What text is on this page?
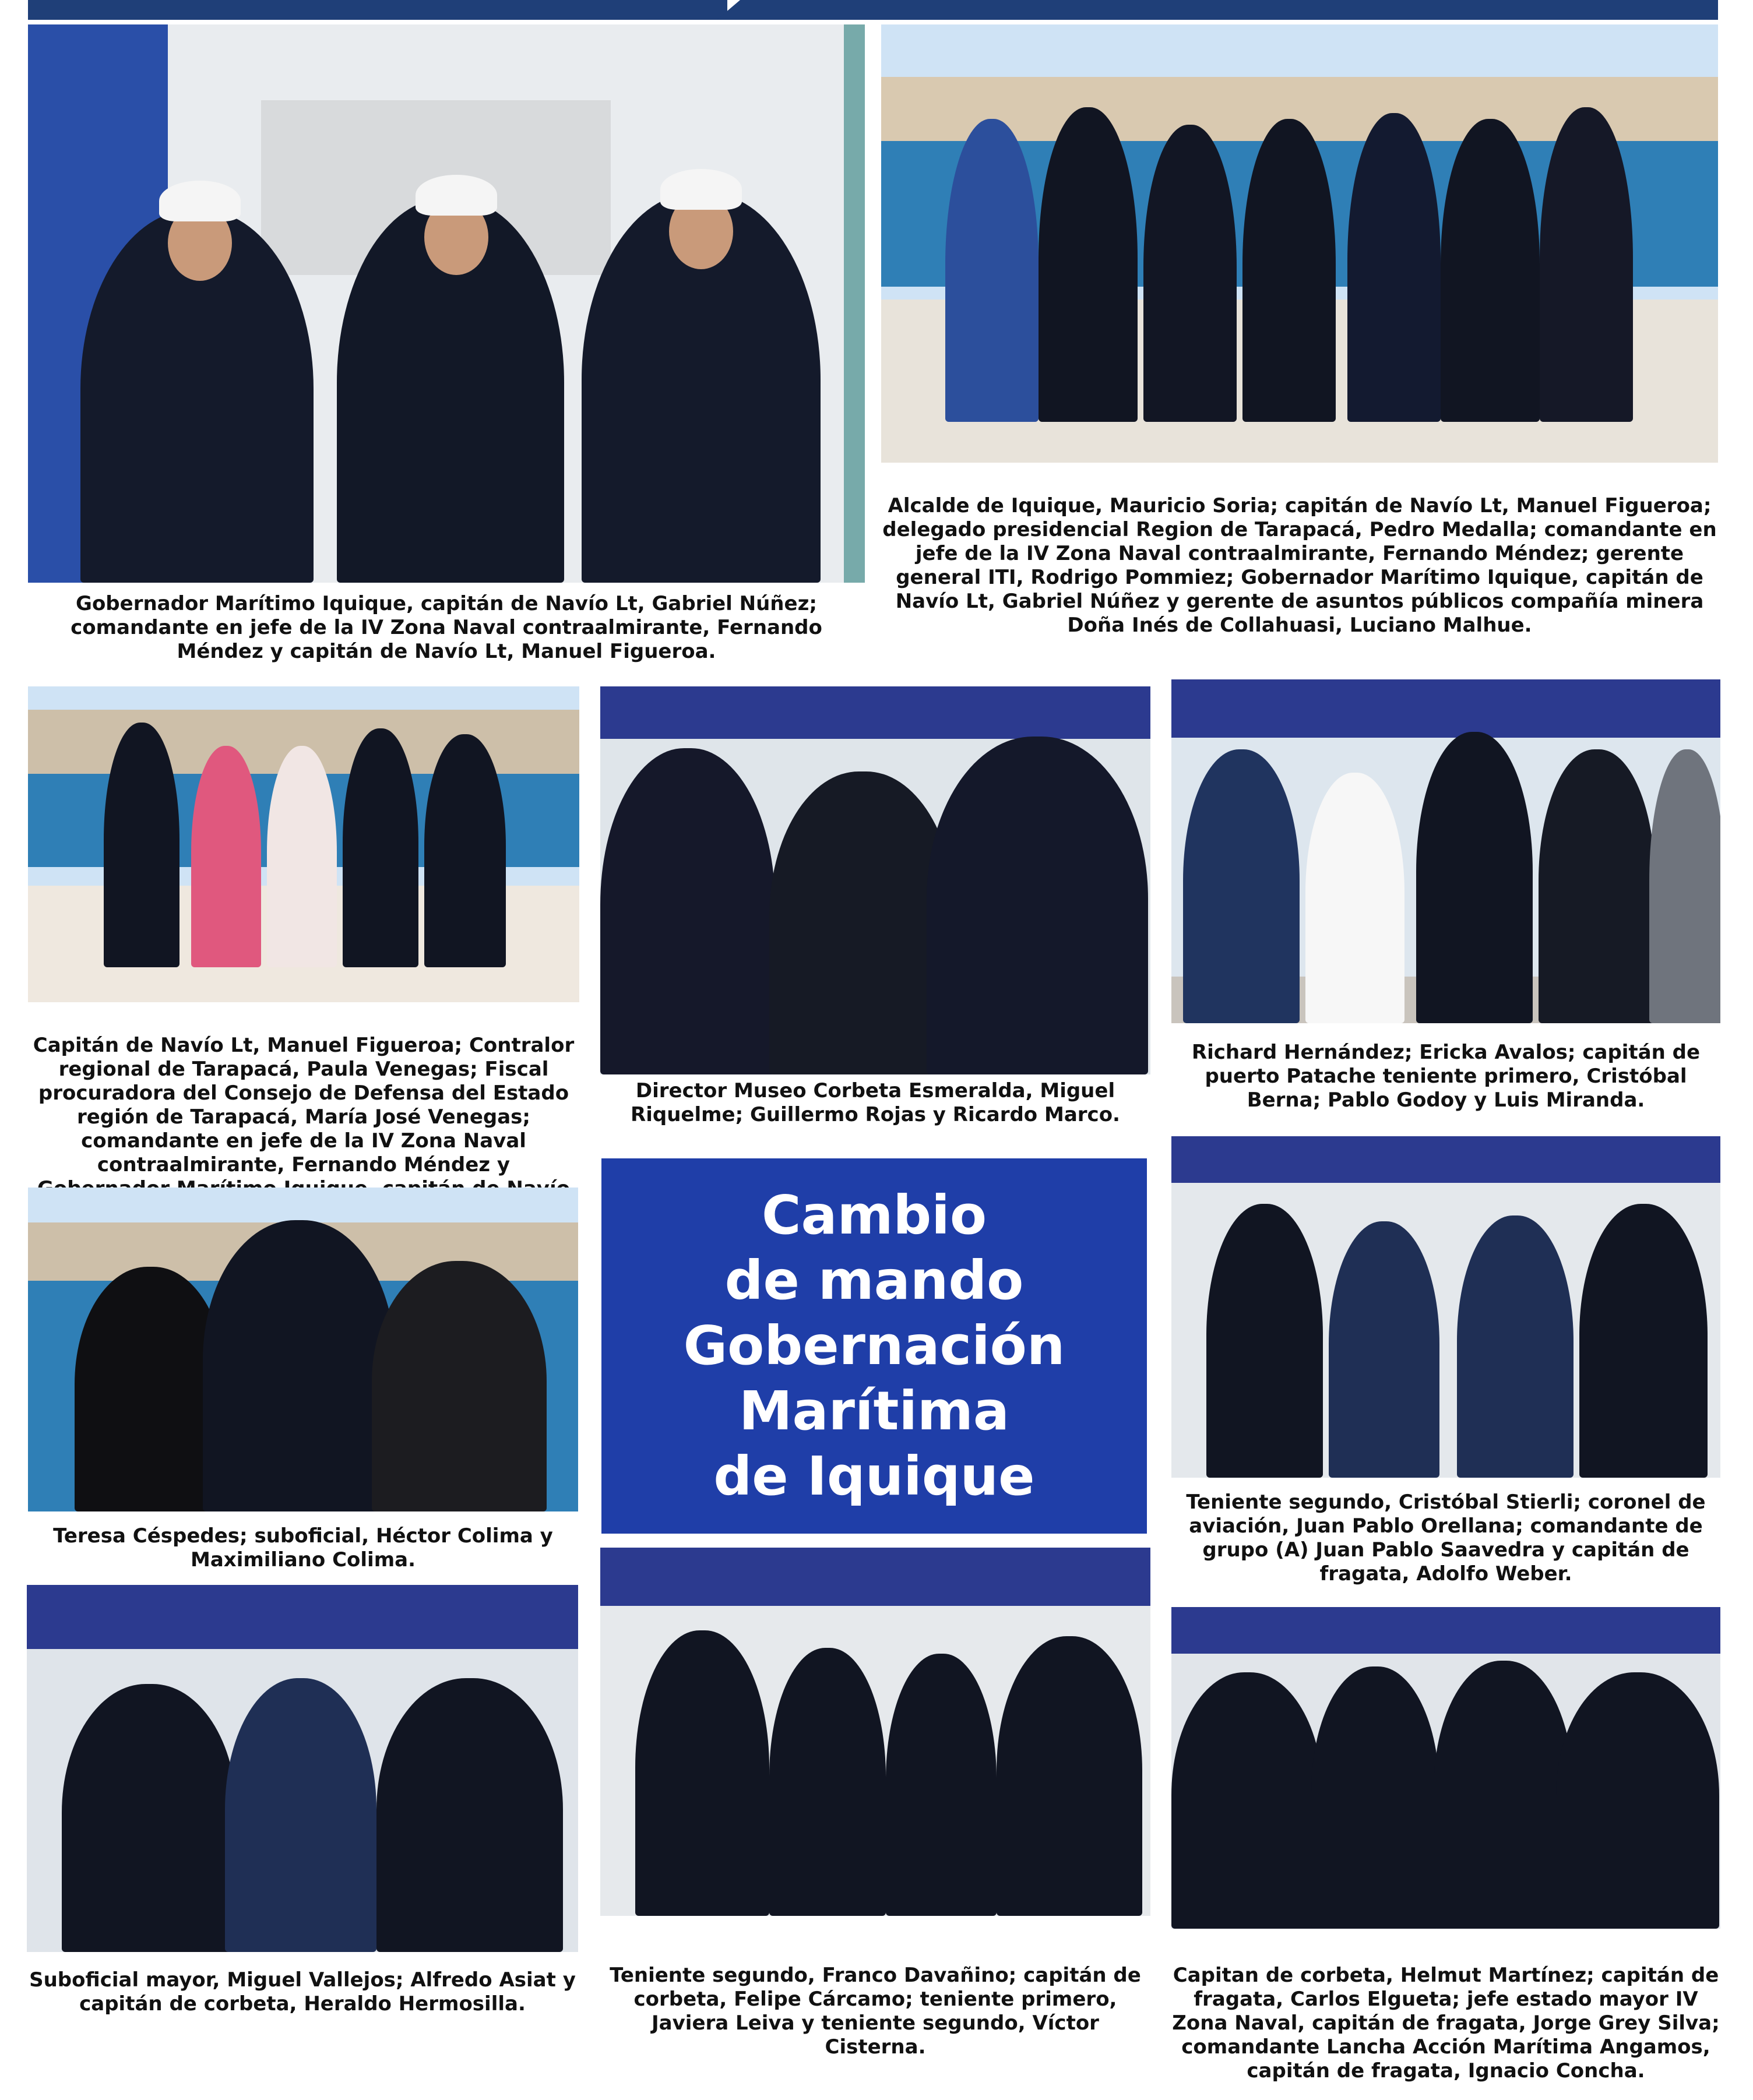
Gobernador Marítimo Iquique, capitán de Navío Lt, Gabriel Núñez; comandante en jefe de la IV Zona Naval contraalmirante, Fernando Méndez y capitán de Navío Lt, Manuel Figueroa.
Alcalde de Iquique, Mauricio Soria; capitán de Navío Lt, Manuel Figueroa; delegado presidencial Region de Tarapacá, Pedro Medalla; comandante en jefe de la IV Zona Naval contraalmirante, Fernando Méndez; gerente general ITI, Rodrigo Pommiez; Gobernador Marítimo Iquique, capitán de Navío Lt, Gabriel Núñez y gerente de asuntos públicos compañía minera Doña Inés de Collahuasi, Luciano Malhue.
Capitán de Navío Lt, Manuel Figueroa; Contralor regional de Tarapacá, Paula Venegas; Fiscal procuradora del Consejo de Defensa del Estado región de Tarapacá, María José Venegas; comandante en jefe de la IV Zona Naval contraalmirante, Fernando Méndez y
Director Museo Corbeta Esmeralda, Miguel Riquelme; Guillermo Rojas y Ricardo Marco.
Richard Hernández; Ericka Avalos; capitán de puerto Patache teniente primero, Cristóbal Berna; Pablo Godoy y Luis Miranda.
Teresa Céspedes; suboficial, Héctor Colima y Maximiliano Colima.
Cambio
de mando
Gobernación
Marítima
de Iquique	Teniente segundo, Cristóbal Stierli; coronel de aviación, Juan Pablo Orellana; comandante de grupo (A) Juan Pablo Saavedra y capitán de fragata, Adolfo Weber.
Suboficial mayor, Miguel Vallejos; Alfredo Asiat y capitán de corbeta, Heraldo Hermosilla.
Teniente segundo, Franco Davañino; capitán de corbeta, Felipe Cárcamo; teniente primero, Javiera Leiva y teniente segundo, Víctor Cisterna.
Capitan de corbeta, Helmut Martínez; capitán de fragata, Carlos Elgueta; jefe estado mayor IV Zona Naval, capitán de fragata, Jorge Grey Silva; comandante Lancha Acción Marítima Angamos, capitán de fragata, Ignacio Concha.
